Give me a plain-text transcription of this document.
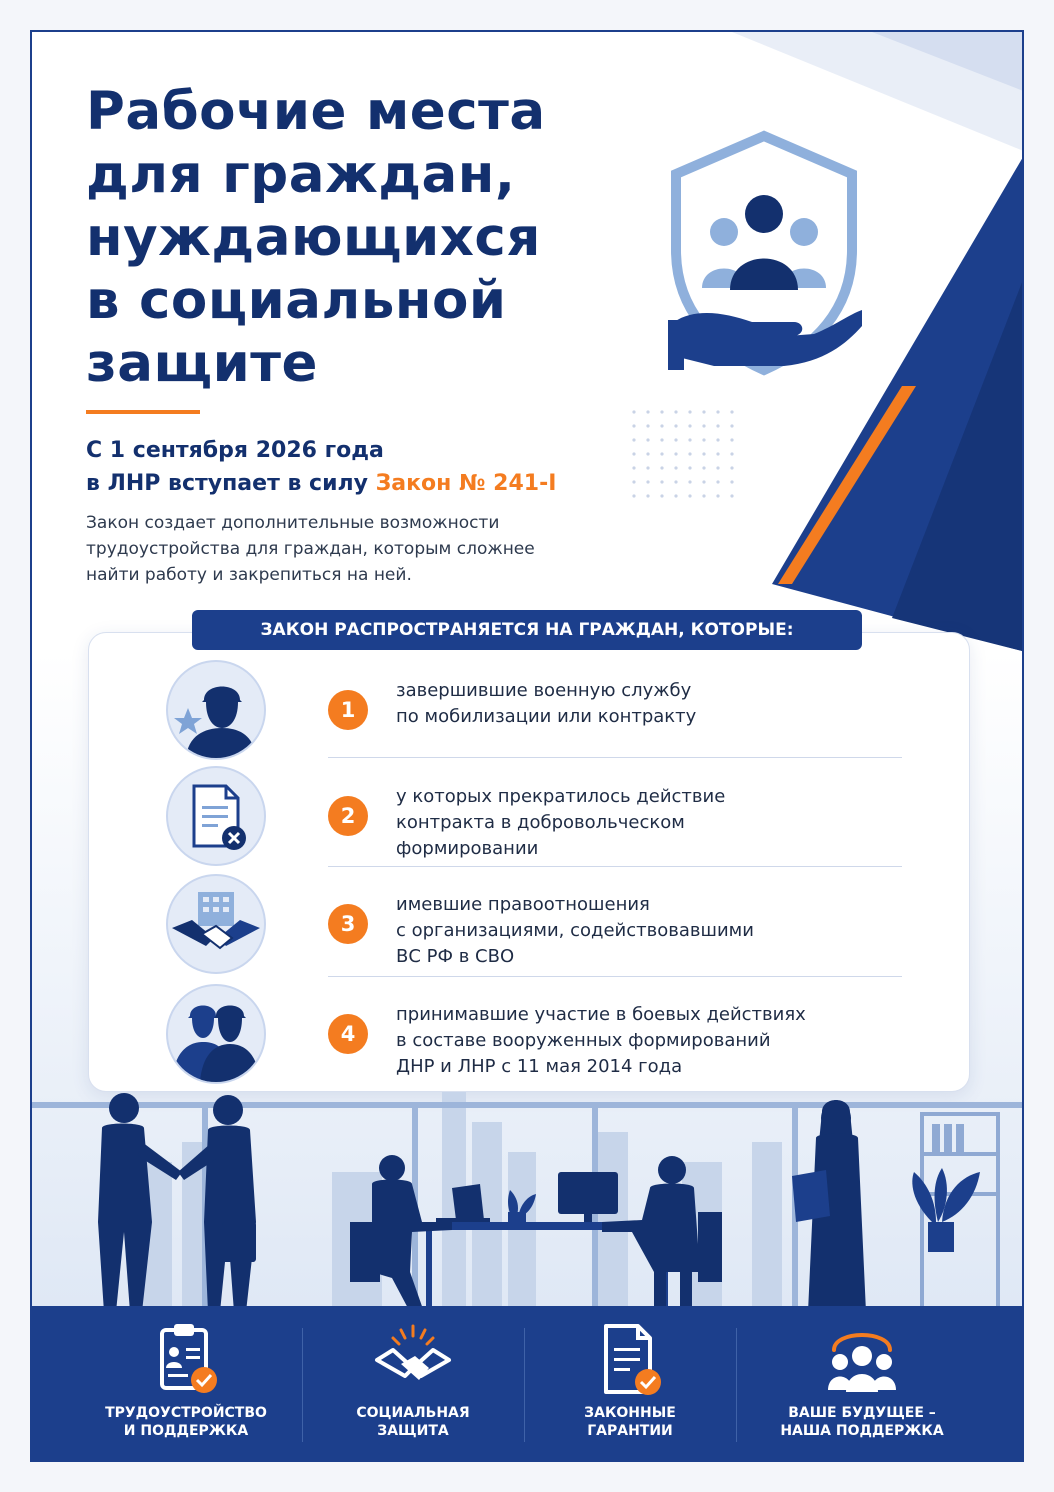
Рабочие места
для граждан,
нуждающихся
в социальной
защите
С 1 сентября 2026 года
в ЛНР вступает в силу Закон № 241-I
Закон создает дополнительные возможности трудоустройства для граждан, которым сложнее найти работу и закрепиться на ней.
ЗАКОН РАСПРОСТРАНЯЕТСЯ НА ГРАЖДАН, КОТОРЫЕ:
1
завершившие военную службу
по мобилизации или контракту
2
у которых прекратилось действие
контракта в добровольческом
формировании
3
имевшие правоотношения
с организациями, содействовавшими
ВС РФ в СВО
4
принимавшие участие в боевых действиях
в составе вооруженных формирований
ДНР и ЛНР с 11 мая 2014 года
ТРУДОУСТРОЙСТВО
И ПОДДЕРЖКА
СОЦИАЛЬНАЯ
ЗАЩИТА
ЗАКОННЫЕ
ГАРАНТИИ
ВАШЕ БУДУЩЕЕ –
НАША ПОДДЕРЖКА
